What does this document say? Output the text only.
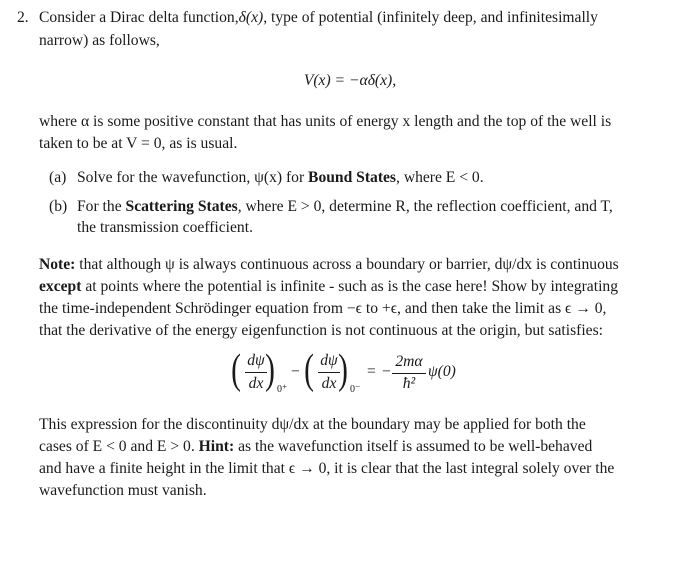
2. Consider a Dirac delta function,δ(x), type of potential (infinitely deep, and infinitesimally
narrow) as follows,
V(x) = −αδ(x),
where α is some positive constant that has units of energy x length and the top of the well is
taken to be at V = 0, as is usual.
(a) Solve for the wavefunction, ψ(x) for Bound States, where E < 0.
(b) For the Scattering States, where E > 0, determine R, the reflection coefficient, and T,
the transmission coefficient.
Note: that although ψ is always continuous across a boundary or barrier, dψ/dx is continuous
except at points where the potential is infinite - such as is the case here! Show by integrating
the time-independent Schrödinger equation from −ϵ to +ϵ, and then take the limit as ϵ → 0,
that the derivative of the energy eigenfunction is not continuous at the origin, but satisfies:
( dψ
dx ) 0⁺
− ( dψ
dx ) 0⁻
= −
2mα
ħ²
ψ(0)
This expression for the discontinuity dψ/dx at the boundary may be applied for both the
cases of E < 0 and E > 0. Hint: as the wavefunction itself is assumed to be well-behaved
and have a finite height in the limit that ϵ → 0, it is clear that the last integral solely over the
wavefunction must vanish.
